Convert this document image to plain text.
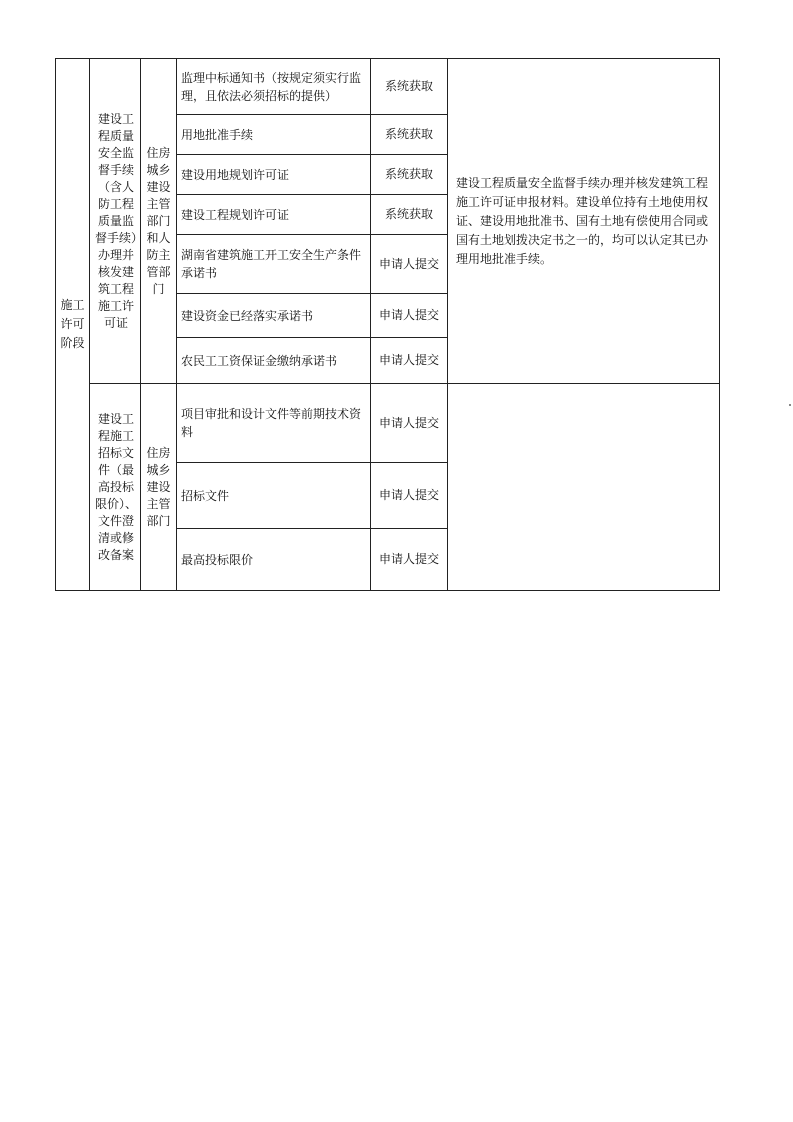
施工许可阶段	建设工程质量安全监督手续（含人防工程质量监督手续）办理并核发建筑工程施工许可证	住房城乡建设主管部门和人防主管部门	监理中标通知书（按规定须实行监理，且依法必须招标的提供）	系统获取	建设工程质量安全监督手续办理并核发建筑工程施工许可证申报材料。建设单位持有土地使用权证、建设用地批准书、国有土地有偿使用合同或国有土地划拨决定书之一的，均可以认定其已办理用地批准手续。

			用地批准手续	系统获取	

			建设用地规划许可证	系统获取	

			建设工程规划许可证	系统获取	

			湖南省建筑施工开工安全生产条件承诺书	申请人提交	

			建设资金已经落实承诺书	申请人提交	

			农民工工资保证金缴纳承诺书	申请人提交	
	建设工程施工招标文件（最高投标限价）、文件澄清或修改备案	住房城乡建设主管部门	项目审批和设计文件等前期技术资料	申请人提交	

			招标文件	申请人提交	

			最高投标限价	申请人提交	
